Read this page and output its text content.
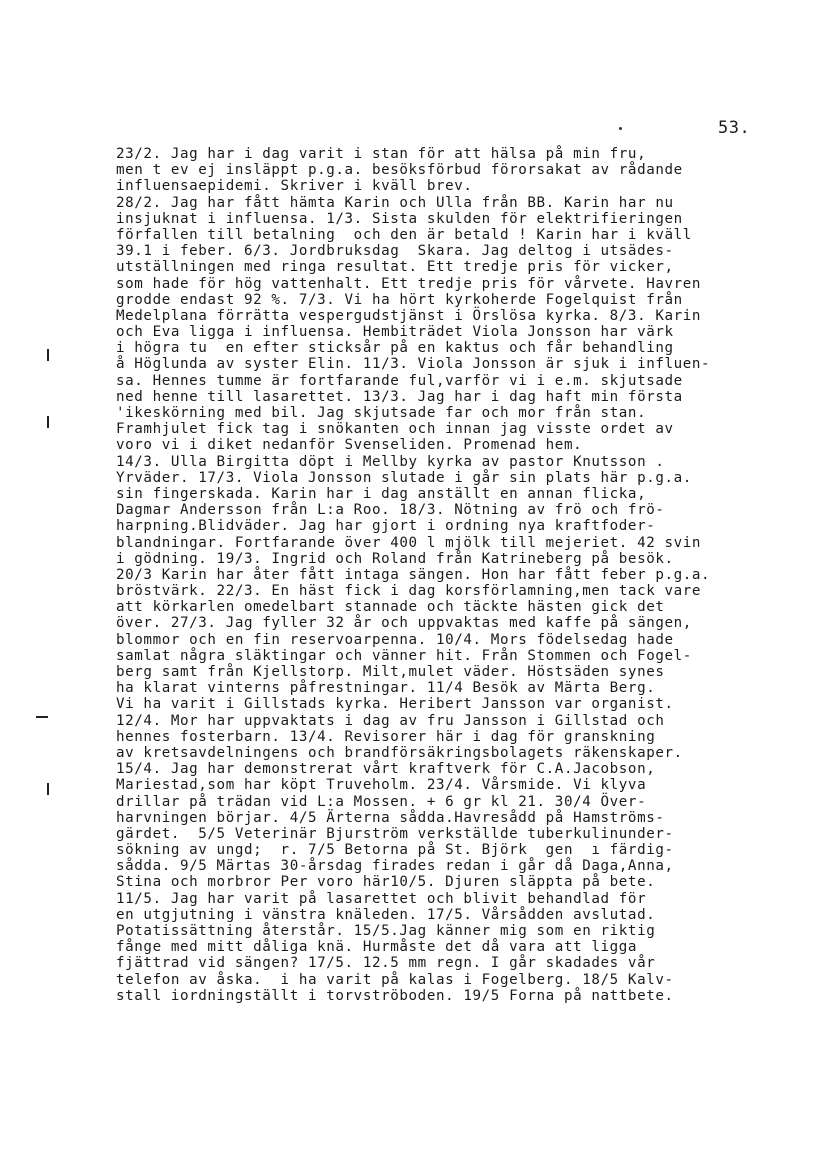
53.
23/2. Jag har i dag varit i stan för att hälsa på min fru,
men t ev ej insläppt p.g.a. besöksförbud förorsakat av rådande
influensaepidemi. Skriver i kväll brev.
28/2. Jag har fått hämta Karin och Ulla från BB. Karin har nu
insjuknat i influensa. 1/3. Sista skulden för elektrifieringen
förfallen till betalning  och den är betald ! Karin har i kväll
39.1 i feber. 6/3. Jordbruksdag  Skara. Jag deltog i utsädes-
utställningen med ringa resultat. Ett tredje pris för vicker,
som hade för hög vattenhalt. Ett tredje pris för vårvete. Havren
grodde endast 92 %. 7/3. Vi ha hört kyrkoherde Fogelquist från
Medelplana förrätta vespergudstjänst i Örslösa kyrka. 8/3. Karin
och Eva ligga i influensa. Hembiträdet Viola Jonsson har värk
i högra tu  en efter sticksår på en kaktus och får behandling
å Höglunda av syster Elin. 11/3. Viola Jonsson är sjuk i influen-
sa. Hennes tumme är fortfarande ful,varför vi i e.m. skjutsade
ned henne till lasarettet. 13/3. Jag har i dag haft min första
'ikeskörning med bil. Jag skjutsade far och mor från stan.
Framhjulet fick tag i snökanten och innan jag visste ordet av
voro vi i diket nedanför Svenseliden. Promenad hem.
14/3. Ulla Birgitta döpt i Mellby kyrka av pastor Knutsson .
Yrväder. 17/3. Viola Jonsson slutade i går sin plats här p.g.a.
sin fingerskada. Karin har i dag anställt en annan flicka,
Dagmar Andersson från L:a Roo. 18/3. Nötning av frö och frö-
harpning.Blidväder. Jag har gjort i ordning nya kraftfoder-
blandningar. Fortfarande över 400 l mjölk till mejeriet. 42 svin
i gödning. 19/3. Ingrid och Roland från Katrineberg på besök.
20/3 Karin har åter fått intaga sängen. Hon har fått feber p.g.a.
bröstvärk. 22/3. En häst fick i dag korsförlamning,men tack vare
att körkarlen omedelbart stannade och täckte hästen gick det
över. 27/3. Jag fyller 32 år och uppvaktas med kaffe på sängen,
blommor och en fin reservoarpenna. 10/4. Mors födelsedag hade
samlat några släktingar och vänner hit. Från Stommen och Fogel-
berg samt från Kjellstorp. Milt,mulet väder. Höstsäden synes
ha klarat vinterns påfrestningar. 11/4 Besök av Märta Berg.
Vi ha varit i Gillstads kyrka. Heribert Jansson var organist.
12/4. Mor har uppvaktats i dag av fru Jansson i Gillstad och
hennes fosterbarn. 13/4. Revisorer här i dag för granskning
av kretsavdelningens och brandförsäkringsbolagets räkenskaper.
15/4. Jag har demonstrerat vårt kraftverk för C.A.Jacobson,
Mariestad,som har köpt Truveholm. 23/4. Vårsmide. Vi klyva
drillar på trädan vid L:a Mossen. + 6 gr kl 21. 30/4 Över-
harvningen börjar. 4/5 Ärterna sådda.Havresådd på Hamströms-
gärdet.  5/5 Veterinär Bjurström verkställde tuberkulinunder-
sökning av ungd;  r. 7/5 Betorna på St. Björk  gen  ı färdig-
sådda. 9/5 Märtas 30-årsdag firades redan i går då Daga,Anna,
Stina och morbror Per voro här10/5. Djuren släppta på bete.
11/5. Jag har varit på lasarettet och blivit behandlad för
en utgjutning i vänstra knäleden. 17/5. Vårsådden avslutad.
Potatissättning återstår. 15/5.Jag känner mig som en riktig
fånge med mitt dåliga knä. Hurmåste det då vara att ligga
fjättrad vid sängen? 17/5. 12.5 mm regn. I går skadades vår
telefon av åska.  i ha varit på kalas i Fogelberg. 18/5 Kalv-
stall iordningställt i torvströboden. 19/5 Forna på nattbete.
